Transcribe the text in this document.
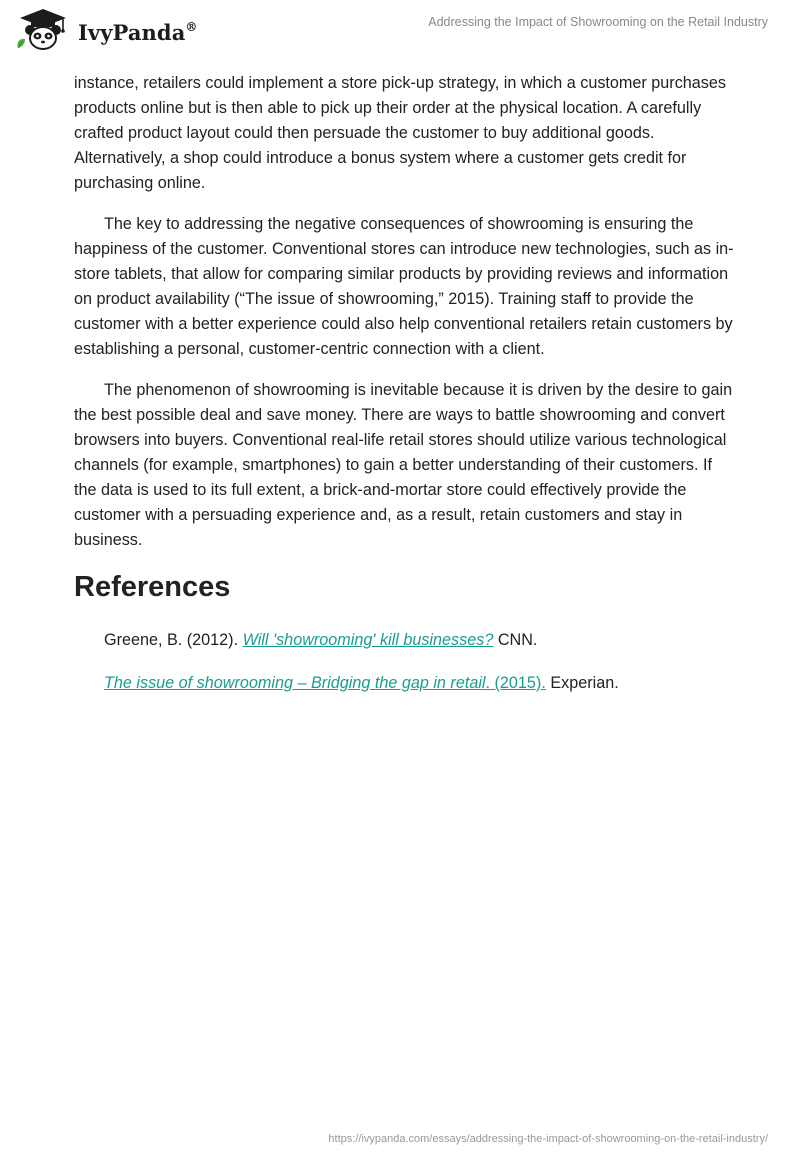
IvyPanda®	Addressing the Impact of Showrooming on the Retail Industry

instance, retailers could implement a store pick-up strategy, in which a customer purchases products online but is then able to pick up their order at the physical location. A carefully crafted product layout could then persuade the customer to buy additional goods. Alternatively, a shop could introduce a bonus system where a customer gets credit for purchasing online.

The key to addressing the negative consequences of showrooming is ensuring the happiness of the customer. Conventional stores can introduce new technologies, such as in-store tablets, that allow for comparing similar products by providing reviews and information on product availability (“The issue of showrooming,” 2015). Training staff to provide the customer with a better experience could also help conventional retailers retain customers by establishing a personal, customer-centric connection with a client.

The phenomenon of showrooming is inevitable because it is driven by the desire to gain the best possible deal and save money. There are ways to battle showrooming and convert browsers into buyers. Conventional real-life retail stores should utilize various technological channels (for example, smartphones) to gain a better understanding of their customers. If the data is used to its full extent, a brick-and-mortar store could effectively provide the customer with a persuading experience and, as a result, retain customers and stay in business.

References
Greene, B. (2012). Will 'showrooming' kill businesses? CNN.
The issue of showrooming – Bridging the gap in retail. (2015). Experian.
https://ivypanda.com/essays/addressing-the-impact-of-showrooming-on-the-retail-industry/
